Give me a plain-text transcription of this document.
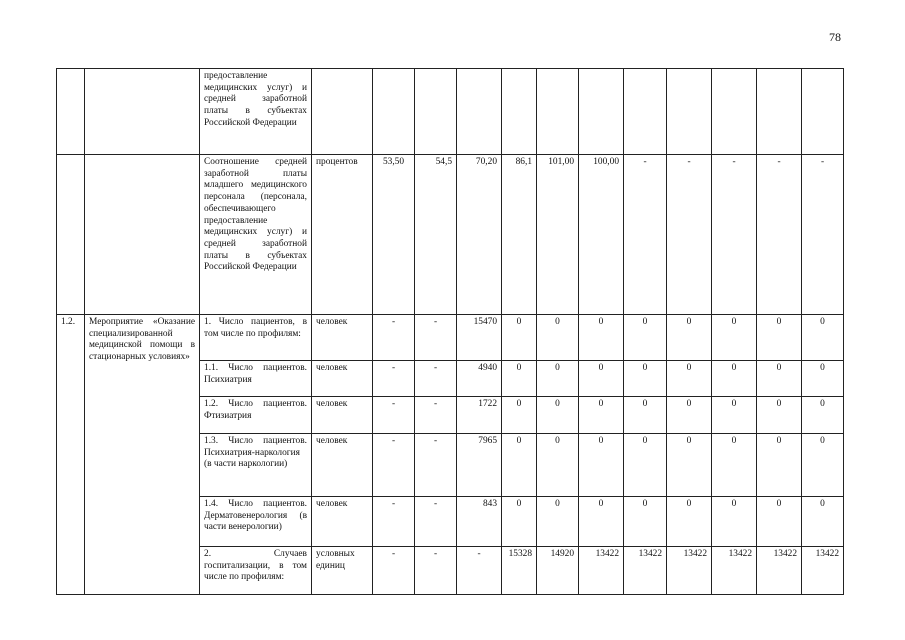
78
		предоставление медицинских услуг) и средней заработной платы в субъектах Российской Федерации												
		Соотношение средней заработной платы младшего медицинского персонала (персонала, обеспечивающего предоставление медицинских услуг) и средней заработной платы в субъектах Российской Федерации	процентов	53,50	54,5	70,20	86,1	101,00	100,00	-	-	-	-	-
1.2.	Мероприятие «Оказание специализированной медицинской помощи в стационарных условиях»	1. Число пациентов, в том числе по профилям:	человек	-	-	15470	0	0	0	0	0	0	0	0
		1.1. Число пациентов. Психиатрия	человек	-	-	4940	0	0	0	0	0	0	0	0
		1.2. Число пациентов. Фтизиатрия	человек	-	-	1722	0	0	0	0	0	0	0	0
		1.3. Число пациентов. Психиатрия-наркология (в части наркологии)	человек	-	-	7965	0	0	0	0	0	0	0	0
		1.4. Число пациентов. Дерматовенерология (в части венерологии)	человек	-	-	843	0	0	0	0	0	0	0	0
		2. Случаев госпитализации, в том числе по профилям:	условных единиц	-	-	-	15328	14920	13422	13422	13422	13422	13422	13422
